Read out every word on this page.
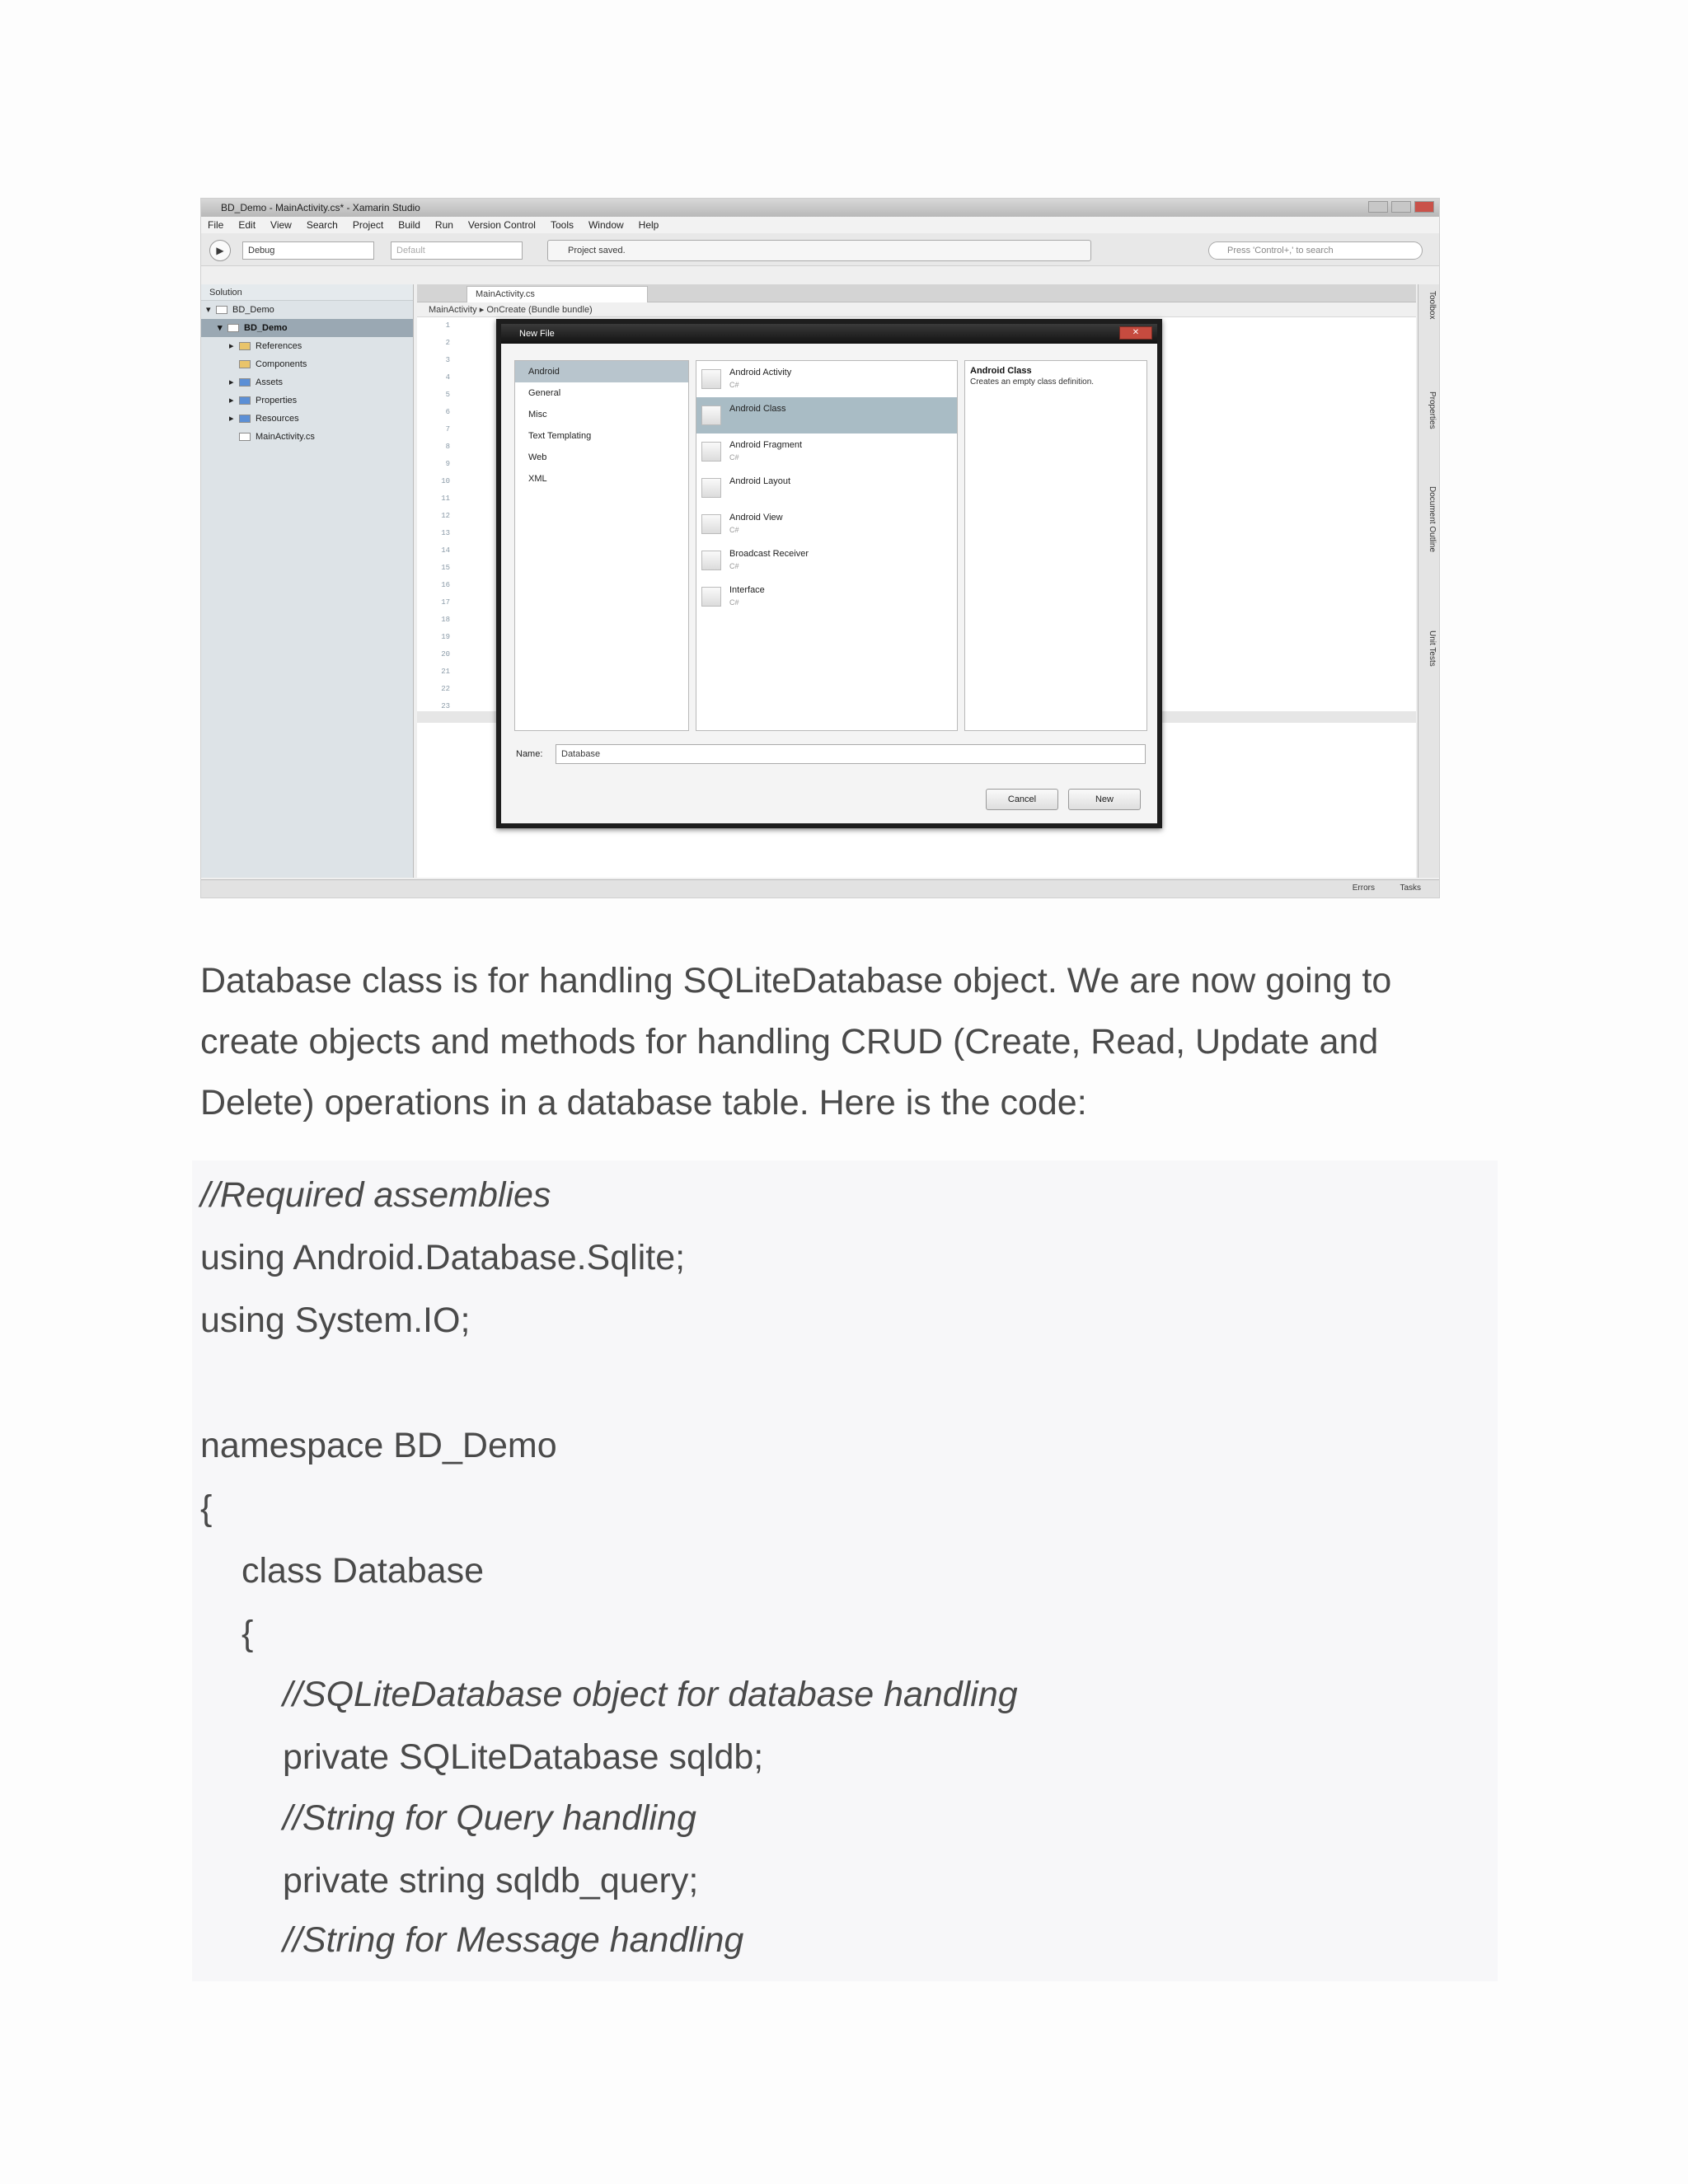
BD_Demo - MainActivity.cs* - Xamarin Studio
File Edit View Search Project Build Run Version Control Tools Window Help
▶	Debug	Default	Project saved.	Press 'Control+,' to search
Solution
▾ BD_Demo
▾ BD_Demo
▸ References
Components
▸ Assets
▸ Properties
▸ Resources
MainActivity.cs
MainActivity.cs
MainActivity ▸ OnCreate (Bundle bundle)
1
2
3
4
5
6
7
8
9
10
11
12
13
14
15
16
17
18
19
20
21
22
23
Toolbox
Properties
Document Outline
Unit Tests
Errors	Tasks
New File	✕
Android
General
Misc
Text Templating
Web
XML
Android Activity
C#
Android Class
Android Fragment
C#
Android Layout
Android View
C#
Broadcast Receiver
C#
Interface
C#
Android Class
Creates an empty class definition.
Name:	Database
Cancel	New

Database class is for handling SQLiteDatabase object. We are now going to create objects and methods for handling CRUD (Create, Read, Update and Delete) operations in a database table. Here is the code:

//Required assemblies
using Android.Database.Sqlite;
using System.IO;
namespace BD_Demo
{
class Database
{
//SQLiteDatabase object for database handling
private SQLiteDatabase sqldb;
//String for Query handling
private string sqldb_query;
//String for Message handling
